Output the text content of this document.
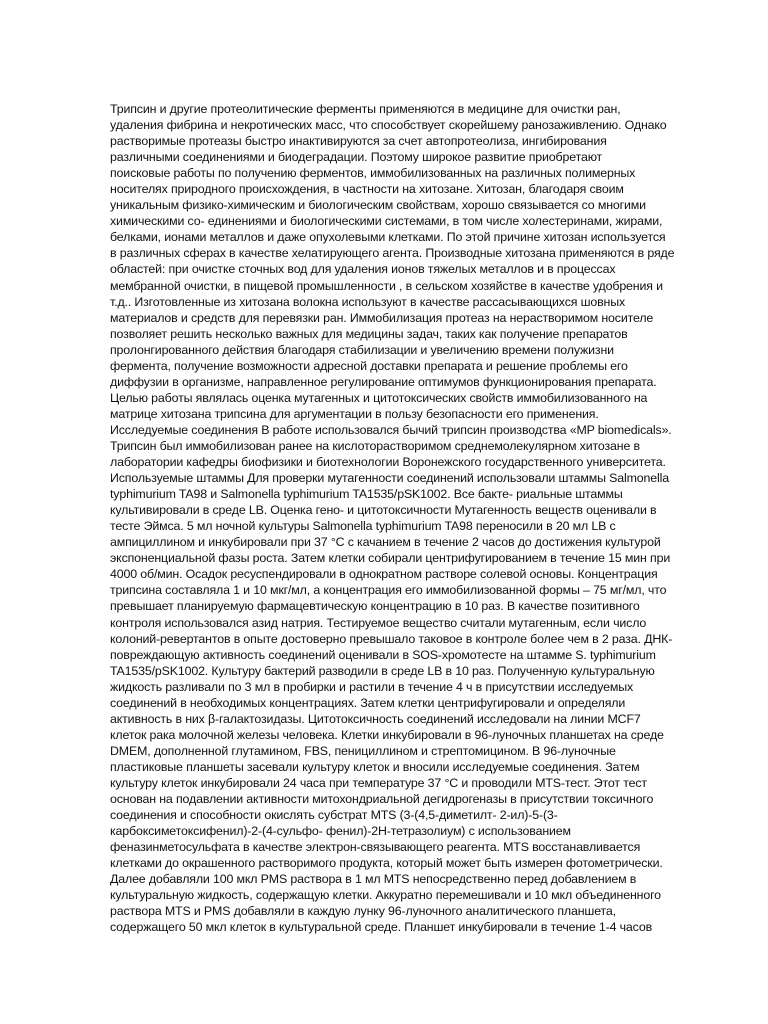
Трипсин и другие протеолитические ферменты применяются в медицине для очистки ран,
удаления фибрина и некротических масс, что способствует скорейшему ранозаживлению. Однако
растворимые протеазы быстро инактивируются за счет автопротеолиза, ингибирования
различными соединениями и биодеградации. Поэтому широкое развитие приобретают
поисковые работы по получению ферментов, иммобилизованных на различных полимерных
носителях природного происхождения, в частности на хитозане. Хитозан, благодаря своим
уникальным физико-химическим и биологическим свойствам, хорошо связывается со многими
химическими со- единениями и биологическими системами, в том числе холестеринами, жирами,
белками, ионами металлов и даже опухолевыми клетками. По этой причине хитозан используется
в различных сферах в качестве хелатирующего агента. Производные хитозана применяются в ряде
областей: при очистке сточных вод для удаления ионов тяжелых металлов и в процессах
мембранной очистки, в пищевой промышленности , в сельском хозяйстве в качестве удобрения и
т.д.. Изготовленные из хитозана волокна используют в качестве рассасывающихся шовных
материалов и средств для перевязки ран. Иммобилизация протеаз на нерастворимом носителе
позволяет решить несколько важных для медицины задач, таких как получение препаратов
пролонгированного действия благодаря стабилизации и увеличению времени полужизни
фермента, получение возможности адресной доставки препарата и решение проблемы его
диффузии в организме, направленное регулирование оптимумов функционирования препарата.
Целью работы являлась оценка мутагенных и цитотоксических свойств иммобилизованного на
матрице хитозана трипсина для аргументации в пользу безопасности его применения.
Исследуемые соединения В работе использовался бычий трипсин производства «MP biomedicals».
Трипсин был иммобилизован ранее на кислоторастворимом среднемолекулярном хитозане в
лаборатории кафедры биофизики и биотехнологии Воронежского государственного университета.
Используемые штаммы Для проверки мутагенности соединений использовали штаммы Salmonella
typhimurium TA98 и Salmonella typhimurium TA1535/pSK1002. Все бакте- риальные штаммы
культивировали в среде LB. Оценка гено- и цитотоксичности Мутагенность веществ оценивали в
тесте Эймса. 5 мл ночной культуры Salmonella typhimurium TA98 переносили в 20 мл LB с
ампициллином и инкубировали при 37 °С с качанием в течение 2 часов до достижения культурой
экспоненциальной фазы роста. Затем клетки собирали центрифугированием в течение 15 мин при
4000 об/мин. Осадок ресуспендировали в однократном растворе солевой основы. Концентрация
трипсина составляла 1 и 10 мкг/мл, а концентрация его иммобилизованной формы – 75 мг/мл, что
превышает планируемую фармацевтическую концентрацию в 10 раз. В качестве позитивного
контроля использовался азид натрия. Тестируемое вещество считали мутагенным, если число
колоний-ревертантов в опыте достоверно превышало таковое в контроле более чем в 2 раза. ДНК-
повреждающую активность соединений оценивали в SOS-хромотесте на штамме S. typhimurium
TA1535/pSK1002. Культуру бактерий разводили в среде LB в 10 раз. Полученную культуральную
жидкость разливали по 3 мл в пробирки и растили в течение 4 ч в присутствии исследуемых
соединений в необходимых концентрациях. Затем клетки центрифугировали и определяли
активность в них β-галактозидазы. Цитотоксичность соединений исследовали на линии MCF7
клеток рака молочной железы человека. Клетки инкубировали в 96-луночных планшетах на среде
DMEM, дополненной глутамином, FBS, пенициллином и стрептомицином. В 96-луночные
пластиковые планшеты засевали культуру клеток и вносили исследуемые соединения. Затем
культуру клеток инкубировали 24 часа при температуре 37 °С и проводили MTS-тест. Этот тест
основан на подавлении активности митохондриальной дегидрогеназы в присутствии токсичного
соединения и способности окислять субстрат MTS (3-(4,5-диметилт- 2-ил)-5-(3-
карбоксиметоксифенил)-2-(4-сульфо- фенил)-2Н-тетразолиум) с использованием
феназинметосульфата в качестве электрон-связывающего реагента. MTS восстанавливается
клетками до окрашенного растворимого продукта, который может быть измерен фотометрически.
Далее добавляли 100 мкл PMS раствора в 1 мл MTS непосредственно перед добавлением в
культуральную жидкость, содержащую клетки. Аккуратно перемешивали и 10 мкл объединенного
раствора MTS и PMS добавляли в каждую лунку 96-луночного аналитического планшета,
содержащего 50 мкл клеток в культуральной среде. Планшет инкубировали в течение 1-4 часов
